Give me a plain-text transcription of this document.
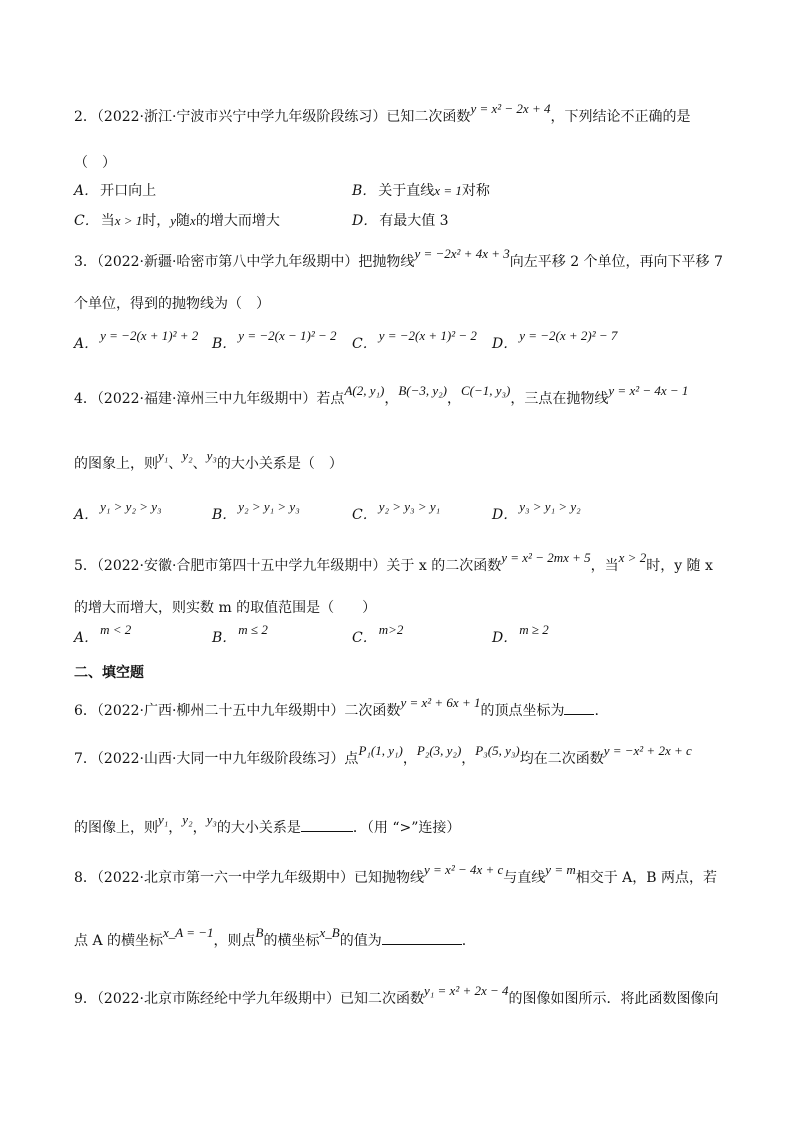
2．（2022·浙江·宁波市兴宁中学九年级阶段练习）已知二次函数y = x² − 2x + 4，下列结论不正确的是
（　）
A． 开口向上	B． 关于直线x = 1对称
C． 当x > 1时，y随x的增大而增大	D． 有最大值 3
3．（2022·新疆·哈密市第八中学九年级期中）把抛物线y = −2x² + 4x + 3向左平移 2 个单位，再向下平移 7
个单位，得到的抛物线为（　）
A．y = −2(x + 1)² + 2
B．y = −2(x − 1)² − 2
C．y = −2(x + 1)² − 2
D．y = −2(x + 2)² − 7
4．（2022·福建·漳州三中九年级期中）若点A(2, y₁)，B(−3, y₂)，C(−1, y₃)，三点在抛物线y = x² − 4x − 1
的图象上，则y₁、y₂、y₃的大小关系是（　）
A．y₁ > y₂ > y₃
B．y₂ > y₁ > y₃
C．y₂ > y₃ > y₁
D．y₃ > y₁ > y₂
5．（2022·安徽·合肥市第四十五中学九年级期中）关于 x 的二次函数y = x² − 2mx + 5，当x > 2时，y 随 x
的增大而增大，则实数 m 的取值范围是（　　）
A．m < 2
B．m ≤ 2
C．m>2
D．m ≥ 2
二、填空题
6．（2022·广西·柳州二十五中九年级期中）二次函数y = x² + 6x + 1的顶点坐标为 .
7．（2022·山西·大同一中九年级阶段练习）点P₁(1, y₁)，P₂(3, y₂)，P₃(5, y₃)均在二次函数y = −x² + 2x + c
的图像上，则y₁，y₂，y₃的大小关系是	．（用 “>”连接）
8．（2022·北京市第一六一中学九年级期中）已知抛物线y = x² − 4x + c与直线y = m相交于 A，B 两点，若
点 A 的横坐标x_A = −1，则点B的横坐标x_B的值为	.
9．（2022·北京市陈经纶中学九年级期中）已知二次函数y₁ = x² + 2x − 4的图像如图所示．将此函数图像向
